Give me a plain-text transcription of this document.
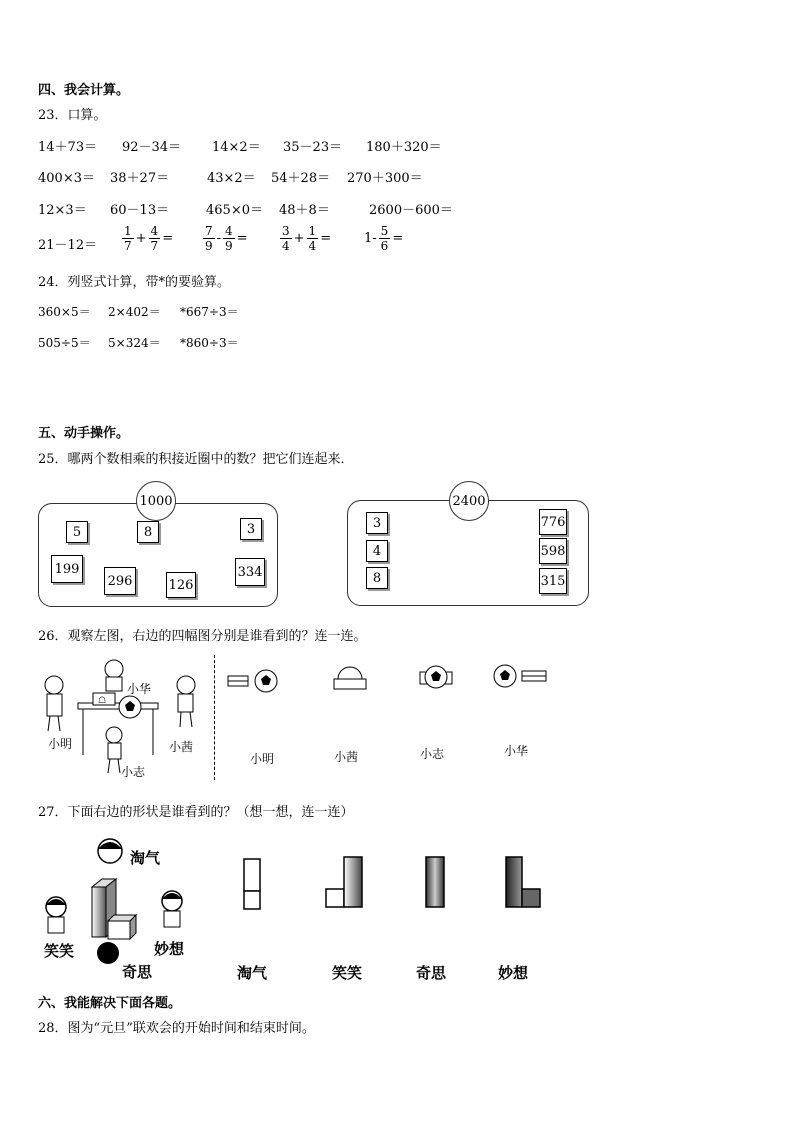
四、我会计算。
23．口算。
14＋73＝ 92－34＝ 14×2＝ 35－23＝ 180＋320＝
400×3＝ 38＋27＝	43×2＝ 54＋28＝ 270＋300＝
12×3＝ 60－13＝	465×0＝ 48＋8＝	2600－600＝
$21-12= \frac{1}{7} + \frac{4}{7} = \frac{7}{9} - \frac{4}{9}$ =	$\frac{3}{4} + \frac{1}{4}$ =	$1- \frac{5}{6}$ =
24．列竖式计算，带*的要验算。
360×5＝ 2×402＝ *667÷3＝
505÷5＝ 5×324＝ *860÷3＝
五、动手操作。
25．哪两个数相乘的积接近圈中的数？把它们连起来．
1000
5	8	3
199
296	126
334
2400
3
4
8
776
598
315
26．观察左图，右边的四幅图分别是谁看到的？连一连。
☖
小华
小明	小茜
小志
小明	小茜	小志	小华
27．下面右边的形状是谁看到的？（想一想，连一连）
淘气
笑笑	妙想
奇思	淘气	笑笑	奇思	妙想
六、我能解决下面各题。
28．图为“元旦”联欢会的开始时间和结束时间。
